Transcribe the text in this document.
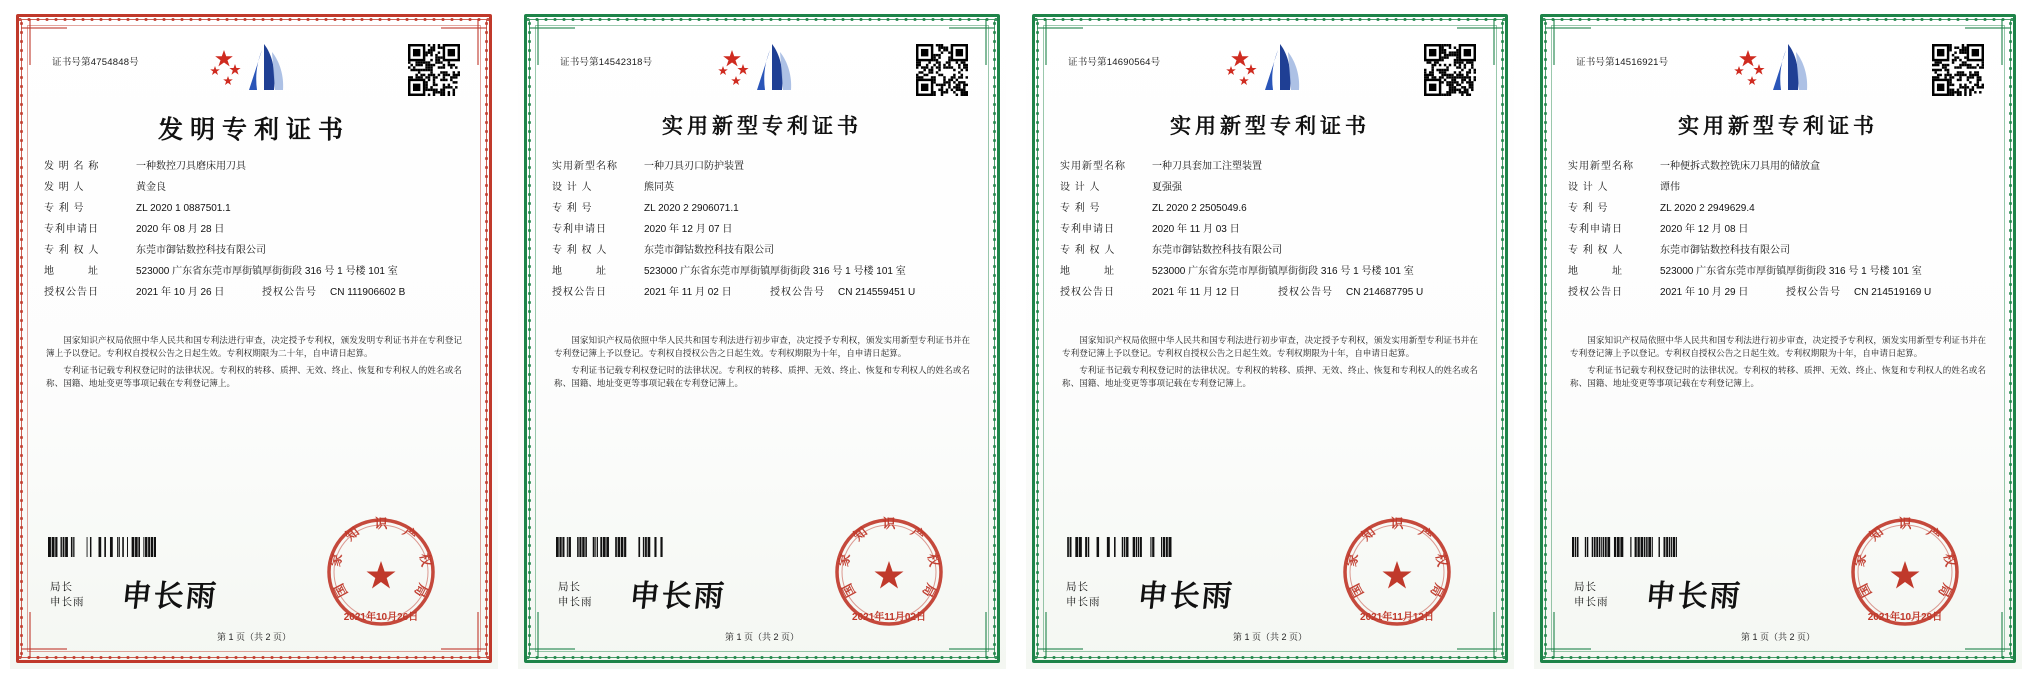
证书号第4754848号
发明专利证书
发 明 名 称	一种数控刀具磨床用刀具
发 明 人	黄金良
专 利 号	ZL 2020 1 0887501.1
专利申请日	2020 年 08 月 28 日
专 利 权 人	东莞市御钴数控科技有限公司
地　　　址	523000 广东省东莞市厚街镇厚街街段 316 号 1 号楼 101 室
授权公告日	2021 年 10 月 26 日	授权公告号	CN 111906602 B

国家知识产权局依照中华人民共和国专利法进行审查，决定授予专利权，颁发发明专利证书并在专利登记簿上予以登记。专利权自授权公告之日起生效。专利权期限为二十年，自申请日起算。

专利证书记载专利权登记时的法律状况。专利权的转移、质押、无效、终止、恢复和专利权人的姓名或名称、国籍、地址变更等事项记载在专利登记簿上。

局长
申长雨 申长雨	国
家
知
识
产
权
局
2021年10月26日
第 1 页（共 2 页）
证书号第14542318号
实用新型专利证书
实用新型名称	一种刀具刃口防护装置
设 计 人	熊同英
专 利 号	ZL 2020 2 2906071.1
专利申请日	2020 年 12 月 07 日
专 利 权 人	东莞市御钴数控科技有限公司
地　　　址	523000 广东省东莞市厚街镇厚街街段 316 号 1 号楼 101 室
授权公告日	2021 年 11 月 02 日	授权公告号	CN 214559451 U

国家知识产权局依照中华人民共和国专利法进行初步审查，决定授予专利权，颁发实用新型专利证书并在专利登记簿上予以登记。专利权自授权公告之日起生效。专利权期限为十年，自申请日起算。

专利证书记载专利权登记时的法律状况。专利权的转移、质押、无效、终止、恢复和专利权人的姓名或名称、国籍、地址变更等事项记载在专利登记簿上。

局长
申长雨 申长雨	国
家
知
识
产
权
局
2021年11月02日
第 1 页（共 2 页）
证书号第14690564号
实用新型专利证书
实用新型名称	一种刀具套加工注塑装置
设 计 人	夏强强
专 利 号	ZL 2020 2 2505049.6
专利申请日	2020 年 11 月 03 日
专 利 权 人	东莞市御钴数控科技有限公司
地　　　址	523000 广东省东莞市厚街镇厚街街段 316 号 1 号楼 101 室
授权公告日	2021 年 11 月 12 日	授权公告号	CN 214687795 U

国家知识产权局依照中华人民共和国专利法进行初步审查，决定授予专利权，颁发实用新型专利证书并在专利登记簿上予以登记。专利权自授权公告之日起生效。专利权期限为十年，自申请日起算。

专利证书记载专利权登记时的法律状况。专利权的转移、质押、无效、终止、恢复和专利权人的姓名或名称、国籍、地址变更等事项记载在专利登记簿上。

局长
申长雨 申长雨	国
家
知
识
产
权
局
2021年11月12日
第 1 页（共 2 页）
证书号第14516921号
实用新型专利证书
实用新型名称	一种便拆式数控铣床刀具用的储放盒
设 计 人	谭伟
专 利 号	ZL 2020 2 2949629.4
专利申请日	2020 年 12 月 08 日
专 利 权 人	东莞市御钴数控科技有限公司
地　　　址	523000 广东省东莞市厚街镇厚街街段 316 号 1 号楼 101 室
授权公告日	2021 年 10 月 29 日	授权公告号	CN 214519169 U

国家知识产权局依照中华人民共和国专利法进行初步审查，决定授予专利权，颁发实用新型专利证书并在专利登记簿上予以登记。专利权自授权公告之日起生效。专利权期限为十年，自申请日起算。

专利证书记载专利权登记时的法律状况。专利权的转移、质押、无效、终止、恢复和专利权人的姓名或名称、国籍、地址变更等事项记载在专利登记簿上。

局长
申长雨 申长雨	国
家
知
识
产
权
局
2021年10月29日
第 1 页（共 2 页）
